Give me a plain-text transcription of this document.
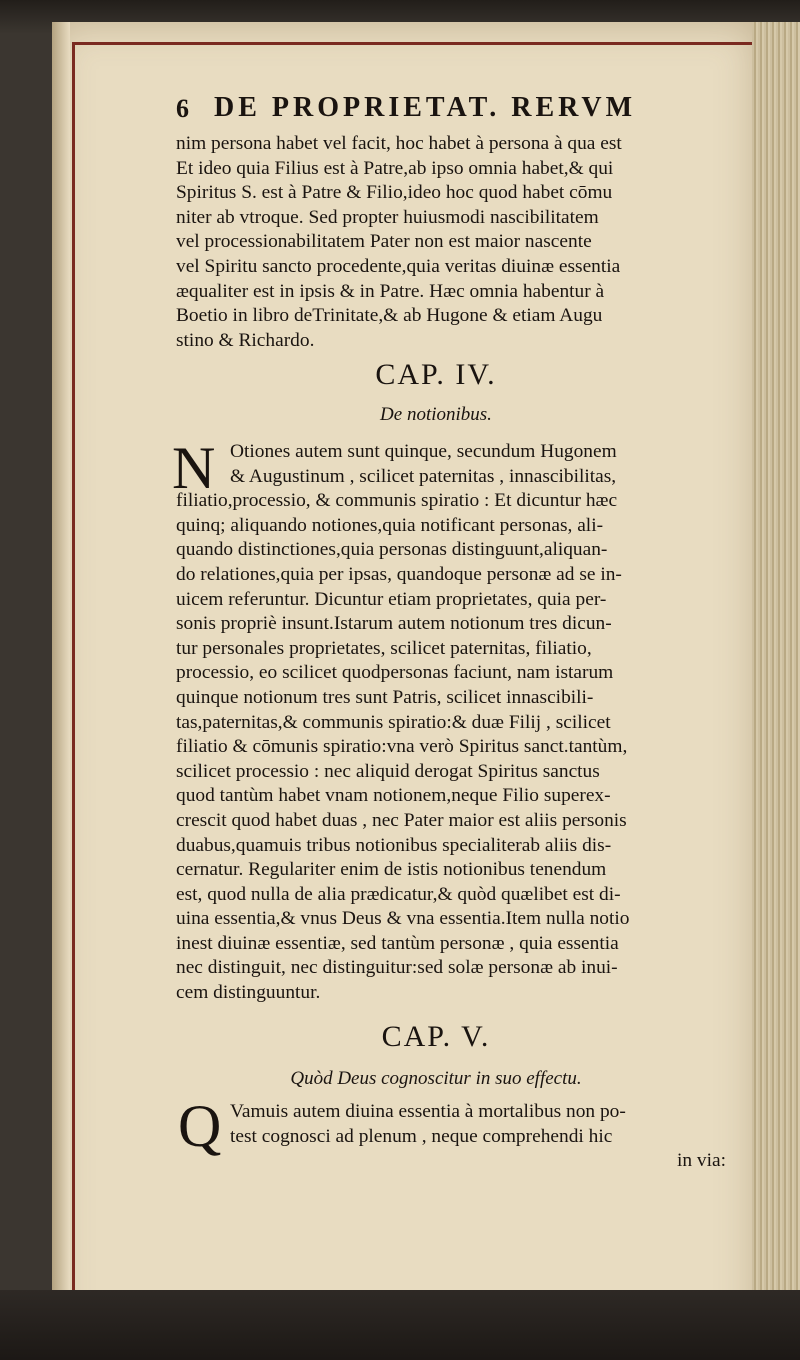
6 DE PROPRIETAT. RERVM
nim persona habet vel facit, hoc habet à persona à qua est
Et ideo quia Filius est à Patre,ab ipso omnia habet,& qui
Spiritus S. est à Patre & Filio,ideo hoc quod habet cōmu
niter ab vtroque. Sed propter huiusmodi nascibilitatem
vel processionabilitatem Pater non est maior nascente
vel Spiritu sancto procedente,quia veritas diuinæ essentia
æqualiter est in ipsis & in Patre. Hæc omnia habentur à
Boetio in libro deTrinitate,& ab Hugone & etiam Augu
stino & Richardo.
CAP. IV.
De notionibus.
N Otiones autem sunt quinque, secundum Hugonem
& Augustinum , scilicet paternitas , innascibilitas,
filiatio,processio, & communis spiratio : Et dicuntur hæc
quinq; aliquando notiones,quia notificant personas, ali-
quando distinctiones,quia personas distinguunt,aliquan-
do relationes,quia per ipsas, quandoque personæ ad se in-
uicem referuntur. Dicuntur etiam proprietates, quia per-
sonis propriè insunt.Istarum autem notionum tres dicun-
tur personales proprietates, scilicet paternitas, filiatio,
processio, eo scilicet quodpersonas faciunt, nam istarum
quinque notionum tres sunt Patris, scilicet innascibili-
tas,paternitas,& communis spiratio:& duæ Filij , scilicet
filiatio & cōmunis spiratio:vna verò Spiritus sanct.tantùm,
scilicet processio : nec aliquid derogat Spiritus sanctus
quod tantùm habet vnam notionem,neque Filio superex-
crescit quod habet duas , nec Pater maior est aliis personis
duabus,quamuis tribus notionibus specialiterab aliis dis-
cernatur. Regulariter enim de istis notionibus tenendum
est, quod nulla de alia prædicatur,& quòd quælibet est di-
uina essentia,& vnus Deus & vna essentia.Item nulla notio
inest diuinæ essentiæ, sed tantùm personæ , quia essentia
nec distinguit, nec distinguitur:sed solæ personæ ab inui-
cem distinguuntur.
CAP. V.
Quòd Deus cognoscitur in suo effectu.
Q Vamuis autem diuina essentia à mortalibus non po-
test cognosci ad plenum , neque comprehendi hic
in via:
